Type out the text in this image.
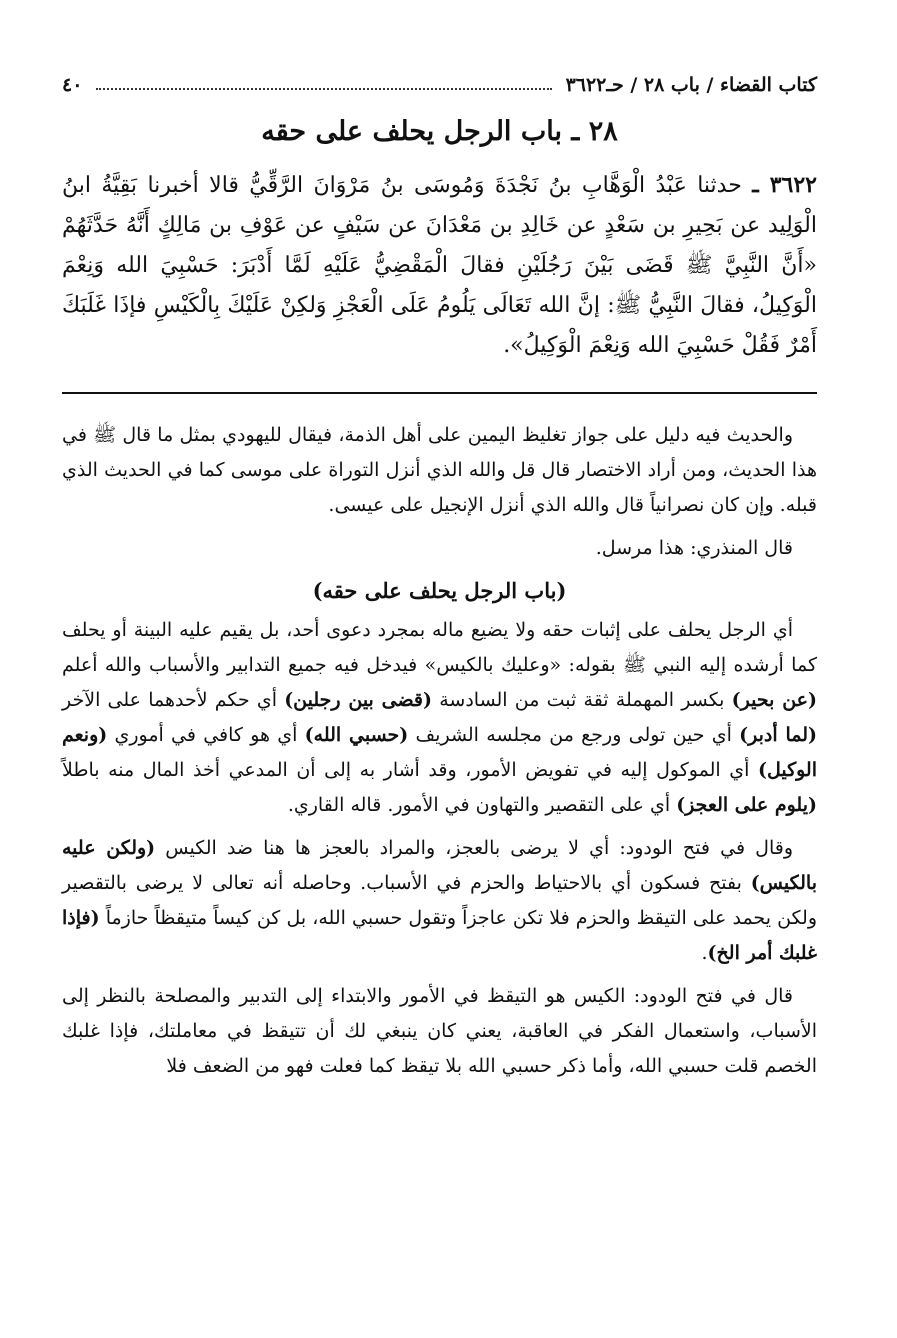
كتاب القضاء / باب ٢٨ / حـ٣٦٢٢
٤٠
٢٨ ـ باب الرجل يحلف على حقه

٣٦٢٢ ـ حدثنا عَبْدُ الْوَهَّابِ بنُ نَجْدَةَ وَمُوسَى بنُ مَرْوَانَ الرَّقِّيُّ قالا أخبرنا بَقِيَّةُ ابنُ الْوَلِيد عن بَحِيرِ بن سَعْدٍ عن خَالِدِ بن مَعْدَانَ عن سَيْفٍ عن عَوْفِ بن مَالِكٍ أَنَّهُ حَدَّثَهُمْ «أَنَّ النَّبِيَّ ﷺ قَضَى بَيْنَ رَجُلَيْنِ فقالَ الْمَقْضِيُّ عَلَيْهِ لَمَّا أَدْبَرَ: حَسْبِيَ الله وَنِعْمَ الْوَكِيلُ، فقالَ النَّبِيُّ ﷺ: إنَّ الله تَعَالَى يَلُومُ عَلَى الْعَجْزِ وَلكِنْ عَلَيْكَ بِالْكَيْسِ فإذَا غَلَبَكَ أَمْرٌ فَقُلْ حَسْبِيَ الله وَنِعْمَ الْوَكِيلُ».

والحديث فيه دليل على جواز تغليظ اليمين على أهل الذمة، فيقال لليهودي بمثل ما قال ﷺ في هذا الحديث، ومن أراد الاختصار قال قل والله الذي أنزل التوراة على موسى كما في الحديث الذي قبله. وإن كان نصرانياً قال والله الذي أنزل الإنجيل على عيسى.

قال المنذري: هذا مرسل.

(باب الرجل يحلف على حقه)

أي الرجل يحلف على إثبات حقه ولا يضيع ماله بمجرد دعوى أحد، بل يقيم عليه البينة أو يحلف كما أرشده إليه النبي ﷺ بقوله: «وعليك بالكيس» فيدخل فيه جميع التدابير والأسباب والله أعلم (عن بحير) بكسر المهملة ثقة ثبت من السادسة (قضى بين رجلين) أي حكم لأحدهما على الآخر (لما أدبر) أي حين تولى ورجع من مجلسه الشريف (حسبي الله) أي هو كافي في أموري (ونعم الوكيل) أي الموكول إليه في تفويض الأمور، وقد أشار به إلى أن المدعي أخذ المال منه باطلاً (يلوم على العجز) أي على التقصير والتهاون في الأمور. قاله القاري.

وقال في فتح الودود: أي لا يرضى بالعجز، والمراد بالعجز ها هنا ضد الكيس (ولكن عليه بالكيس) بفتح فسكون أي بالاحتياط والحزم في الأسباب. وحاصله أنه تعالى لا يرضى بالتقصير ولكن يحمد على التيقظ والحزم فلا تكن عاجزاً وتقول حسبي الله، بل كن كيساً متيقظاً حازماً (فإذا غلبك أمر الخ).

قال في فتح الودود: الكيس هو التيقظ في الأمور والابتداء إلى التدبير والمصلحة بالنظر إلى الأسباب، واستعمال الفكر في العاقبة، يعني كان ينبغي لك أن تتيقظ في معاملتك، فإذا غلبك الخصم قلت حسبي الله، وأما ذكر حسبي الله بلا تيقظ كما فعلت فهو من الضعف فلا
